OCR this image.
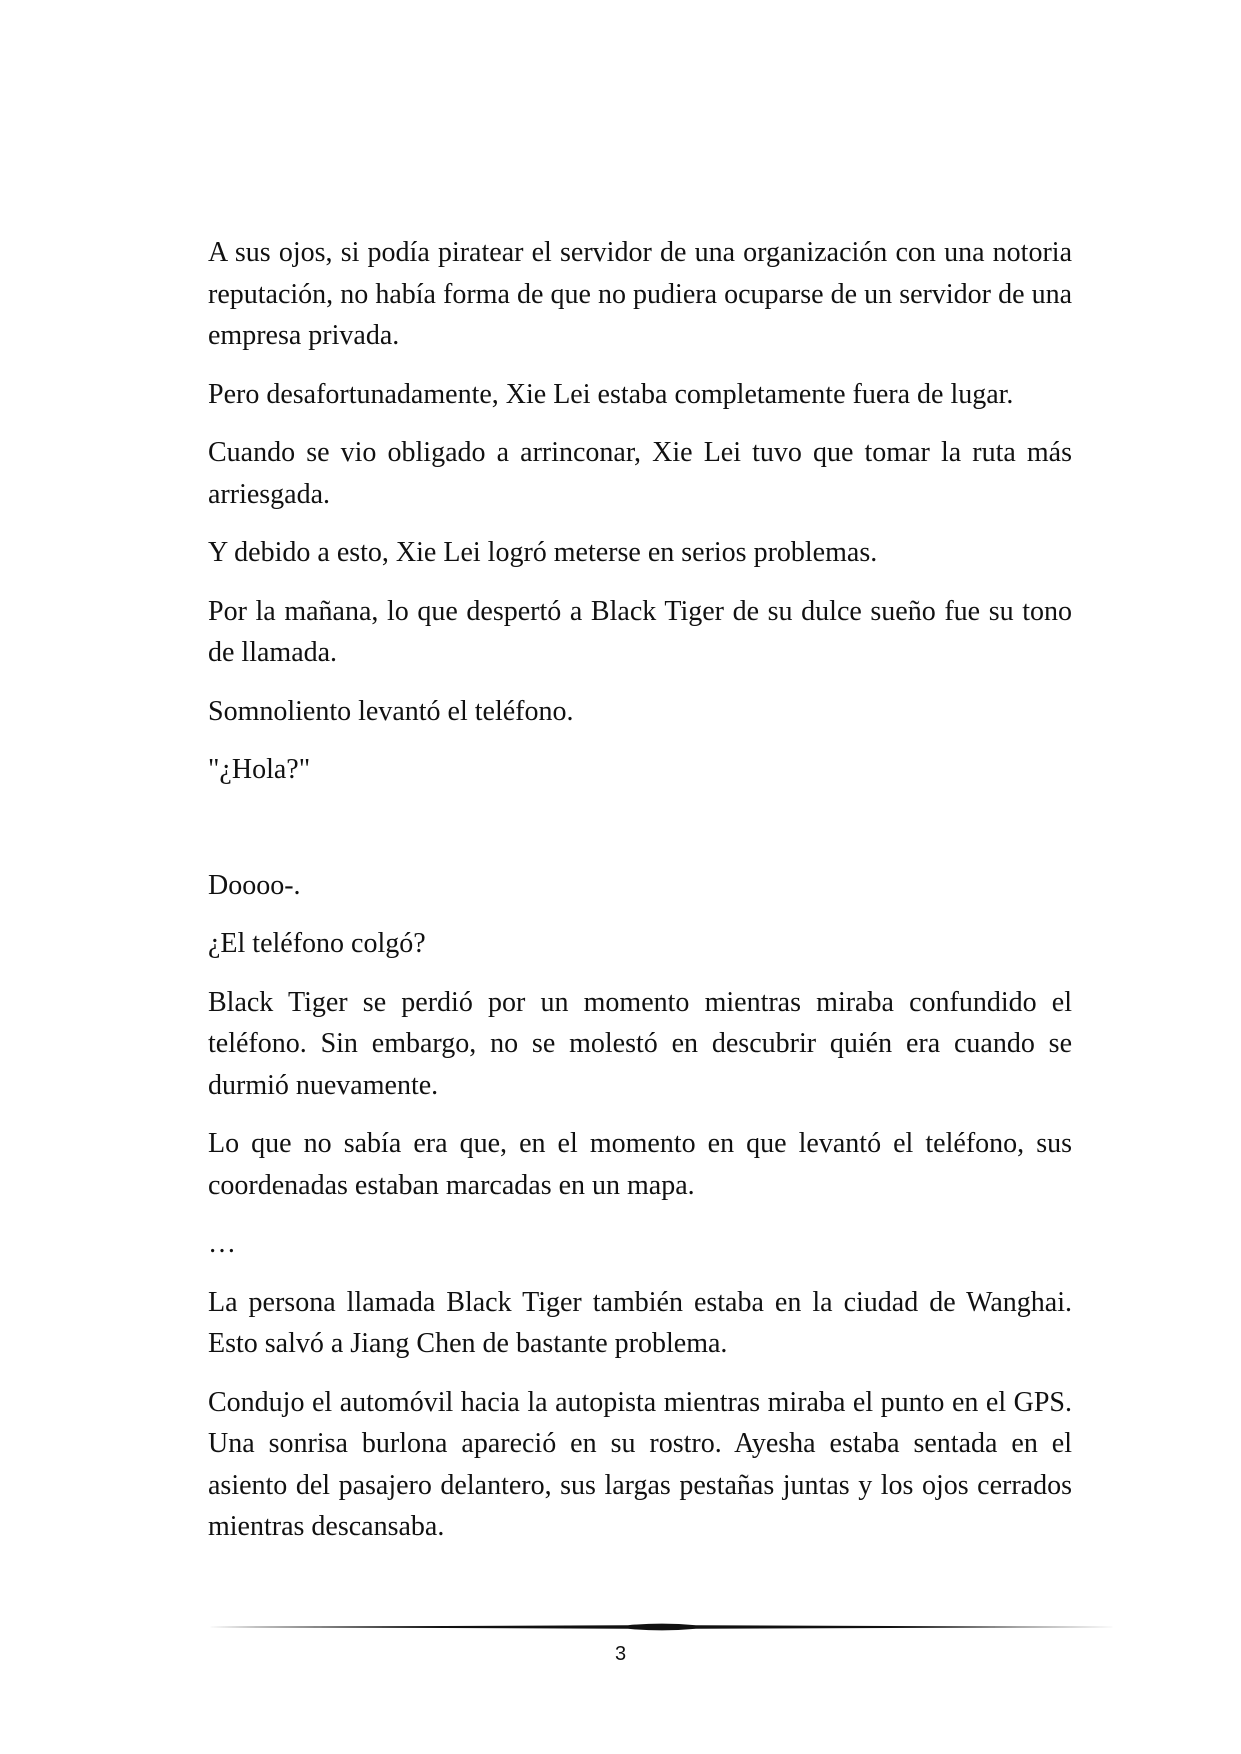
A sus ojos, si podía piratear el servidor de una organización con una notoria reputación, no había forma de que no pudiera ocuparse de un servidor de una empresa privada.

Pero desafortunadamente, Xie Lei estaba completamente fuera de lugar.

Cuando se vio obligado a arrinconar, Xie Lei tuvo que tomar la ruta más arriesgada.

Y debido a esto, Xie Lei logró meterse en serios problemas.

Por la mañana, lo que despertó a Black Tiger de su dulce sueño fue su tono de llamada.

Somnoliento levantó el teléfono.

"¿Hola?"

Doooo-.

¿El teléfono colgó?

Black Tiger se perdió por un momento mientras miraba confundido el teléfono. Sin embargo, no se molestó en descubrir quién era cuando se durmió nuevamente.

Lo que no sabía era que, en el momento en que levantó el teléfono, sus coordenadas estaban marcadas en un mapa.

…

La persona llamada Black Tiger también estaba en la ciudad de Wanghai. Esto salvó a Jiang Chen de bastante problema.

Condujo el automóvil hacia la autopista mientras miraba el punto en el GPS. Una sonrisa burlona apareció en su rostro. Ayesha estaba sentada en el asiento del pasajero delantero, sus largas pestañas juntas y los ojos cerrados mientras descansaba.

3
